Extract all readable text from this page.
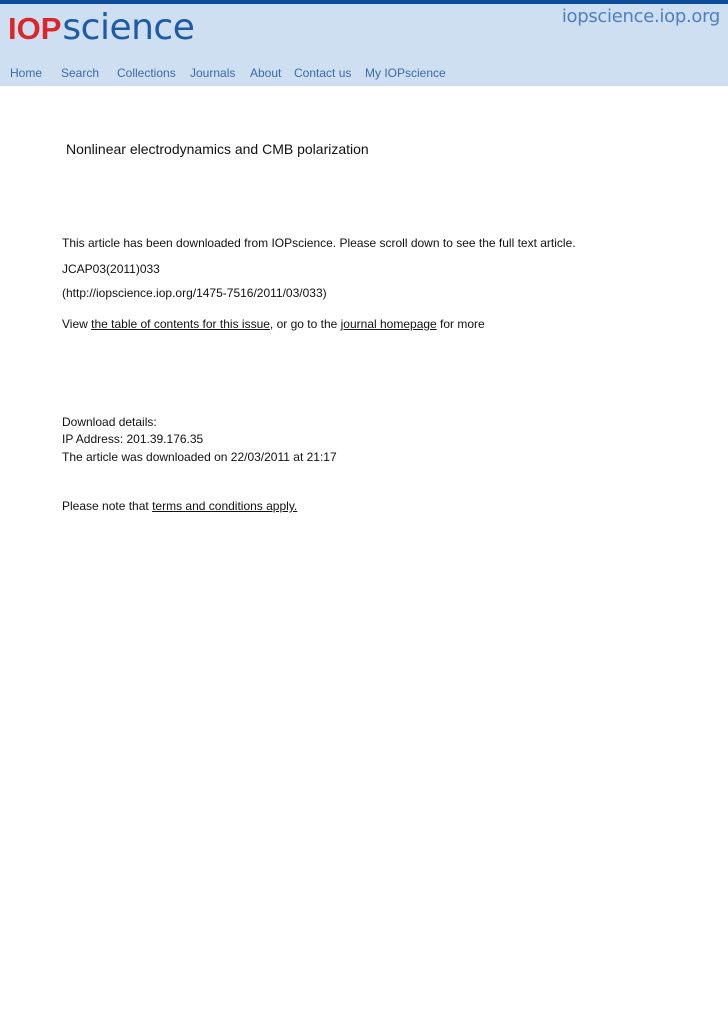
IOP science	iopscience.iop.org
Home Search Collections Journals About Contact us My IOPscience
Nonlinear electrodynamics and CMB polarization
This article has been downloaded from IOPscience. Please scroll down to see the full text article.
JCAP03(2011)033
(http://iopscience.iop.org/1475-7516/2011/03/033)
View the table of contents for this issue, or go to the journal homepage for more
Download details:
IP Address: 201.39.176.35
The article was downloaded on 22/03/2011 at 21:17
Please note that terms and conditions apply.
